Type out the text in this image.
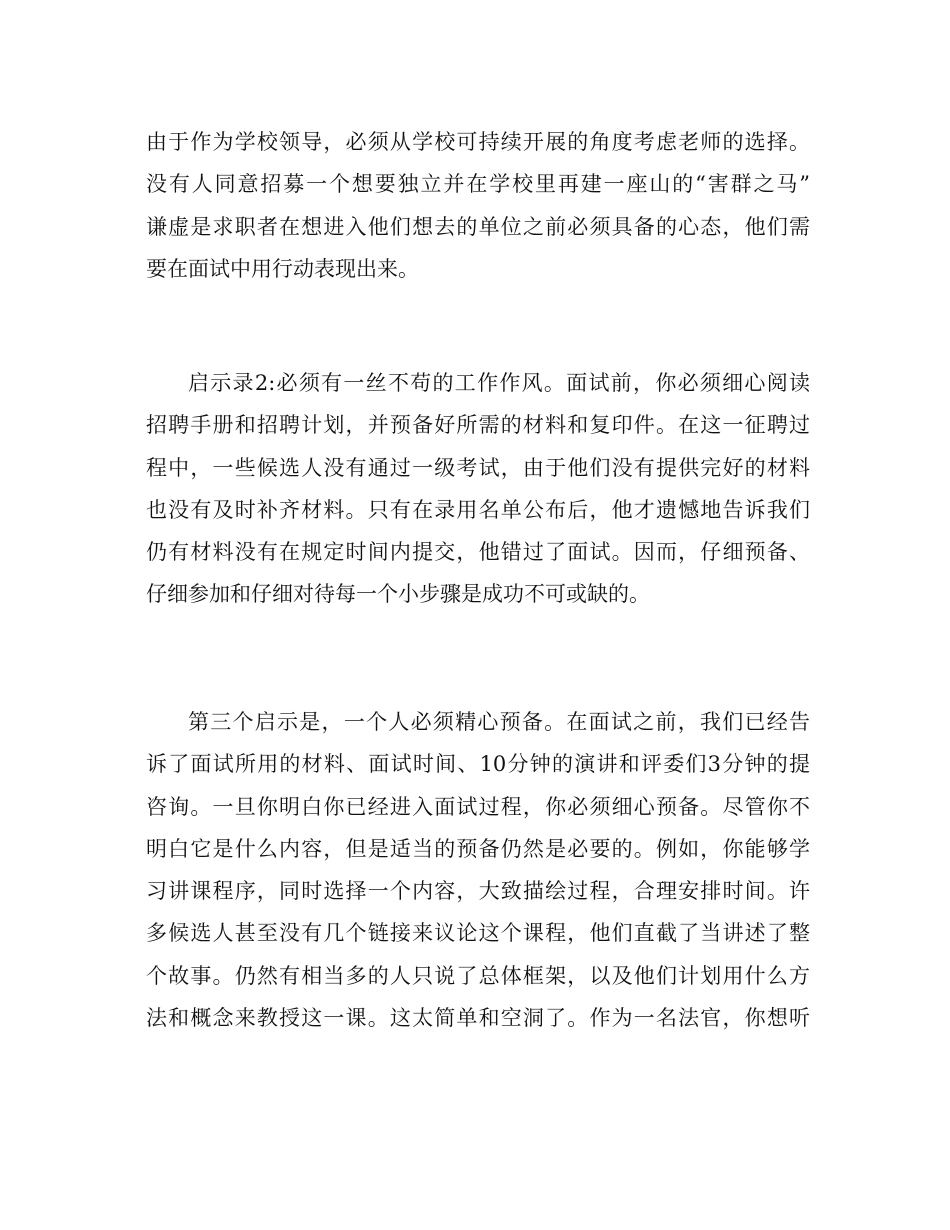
由于作为学校领导，必须从学校可持续开展的角度考虑老师的选择。
没有人同意招募一个想要独立并在学校里再建一座山的“害群之马”
谦虚是求职者在想进入他们想去的单位之前必须具备的心态，他们需
要在面试中用行动表现出来。
启示录2:必须有一丝不苟的工作作风。面试前，你必须细心阅读
招聘手册和招聘计划，并预备好所需的材料和复印件。在这一征聘过
程中，一些候选人没有通过一级考试，由于他们没有提供完好的材料
也没有及时补齐材料。只有在录用名单公布后，他才遗憾地告诉我们
仍有材料没有在规定时间内提交，他错过了面试。因而，仔细预备、
仔细参加和仔细对待每一个小步骤是成功不可或缺的。
第三个启示是，一个人必须精心预备。在面试之前，我们已经告
诉了面试所用的材料、面试时间、10分钟的演讲和评委们3分钟的提
咨询。一旦你明白你已经进入面试过程，你必须细心预备。尽管你不
明白它是什么内容，但是适当的预备仍然是必要的。例如，你能够学
习讲课程序，同时选择一个内容，大致描绘过程，合理安排时间。许
多候选人甚至没有几个链接来议论这个课程，他们直截了当讲述了整
个故事。仍然有相当多的人只说了总体框架，以及他们计划用什么方
法和概念来教授这一课。这太简单和空洞了。作为一名法官，你想听
